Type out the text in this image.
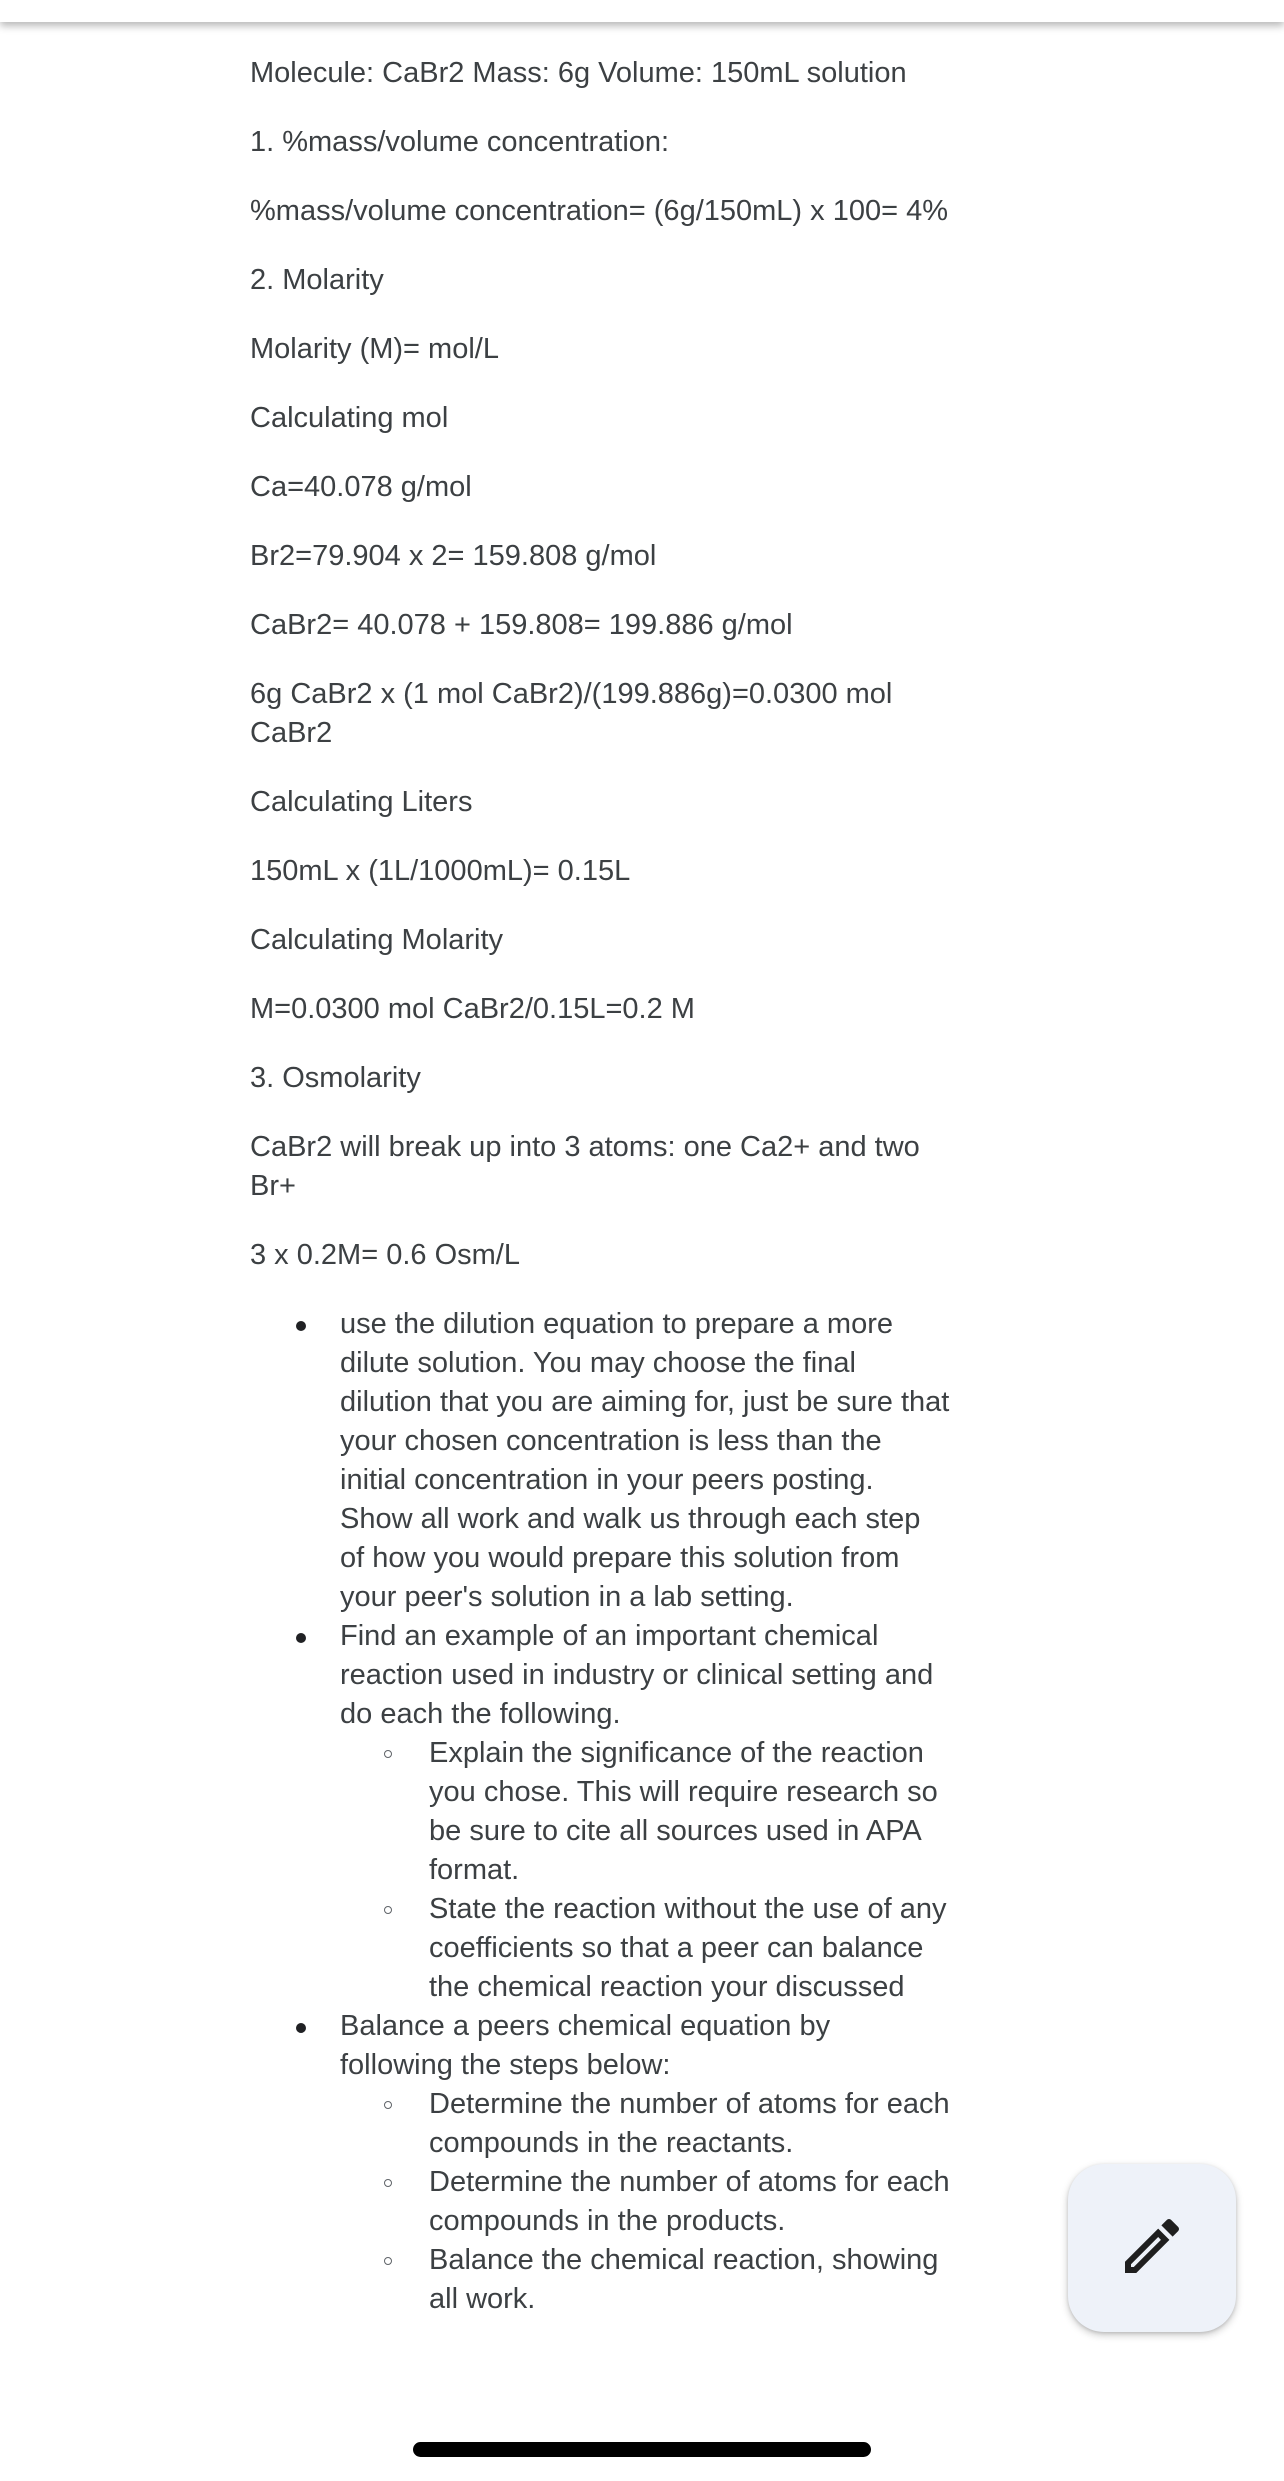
Molecule: CaBr2 Mass: 6g Volume: 150mL solution

1. %mass/volume concentration:

%mass/volume concentration= (6g/150mL) x 100= 4%

2. Molarity

Molarity (M)= mol/L

Calculating mol

Ca=40.078 g/mol

Br2=79.904 x 2= 159.808 g/mol

CaBr2= 40.078 + 159.808= 199.886 g/mol

6g CaBr2 x (1 mol CaBr2)/(199.886g)=0.0300 mol CaBr2

Calculating Liters

150mL x (1L/1000mL)= 0.15L

Calculating Molarity

M=0.0300 mol CaBr2/0.15L=0.2 M

3. Osmolarity

CaBr2 will break up into 3 atoms: one Ca2+ and two Br+

3 x 0.2M= 0.6 Osm/L

use the dilution equation to prepare a more dilute solution. You may choose the final dilution that you are aiming for, just be sure that your chosen concentration is less than the initial concentration in your peers posting. Show all work and walk us through each step of how you would prepare this solution from your peer's solution in a lab setting.
Find an example of an important chemical reaction used in industry or clinical setting and do each the following.
Explain the significance of the reaction you chose. This will require research so be sure to cite all sources used in APA format.
State the reaction without the use of any coefficients so that a peer can balance the chemical reaction your discussed
Balance a peers chemical equation by following the steps below:
Determine the number of atoms for each compounds in the reactants.
Determine the number of atoms for each compounds in the products.
Balance the chemical reaction, showing all work.
